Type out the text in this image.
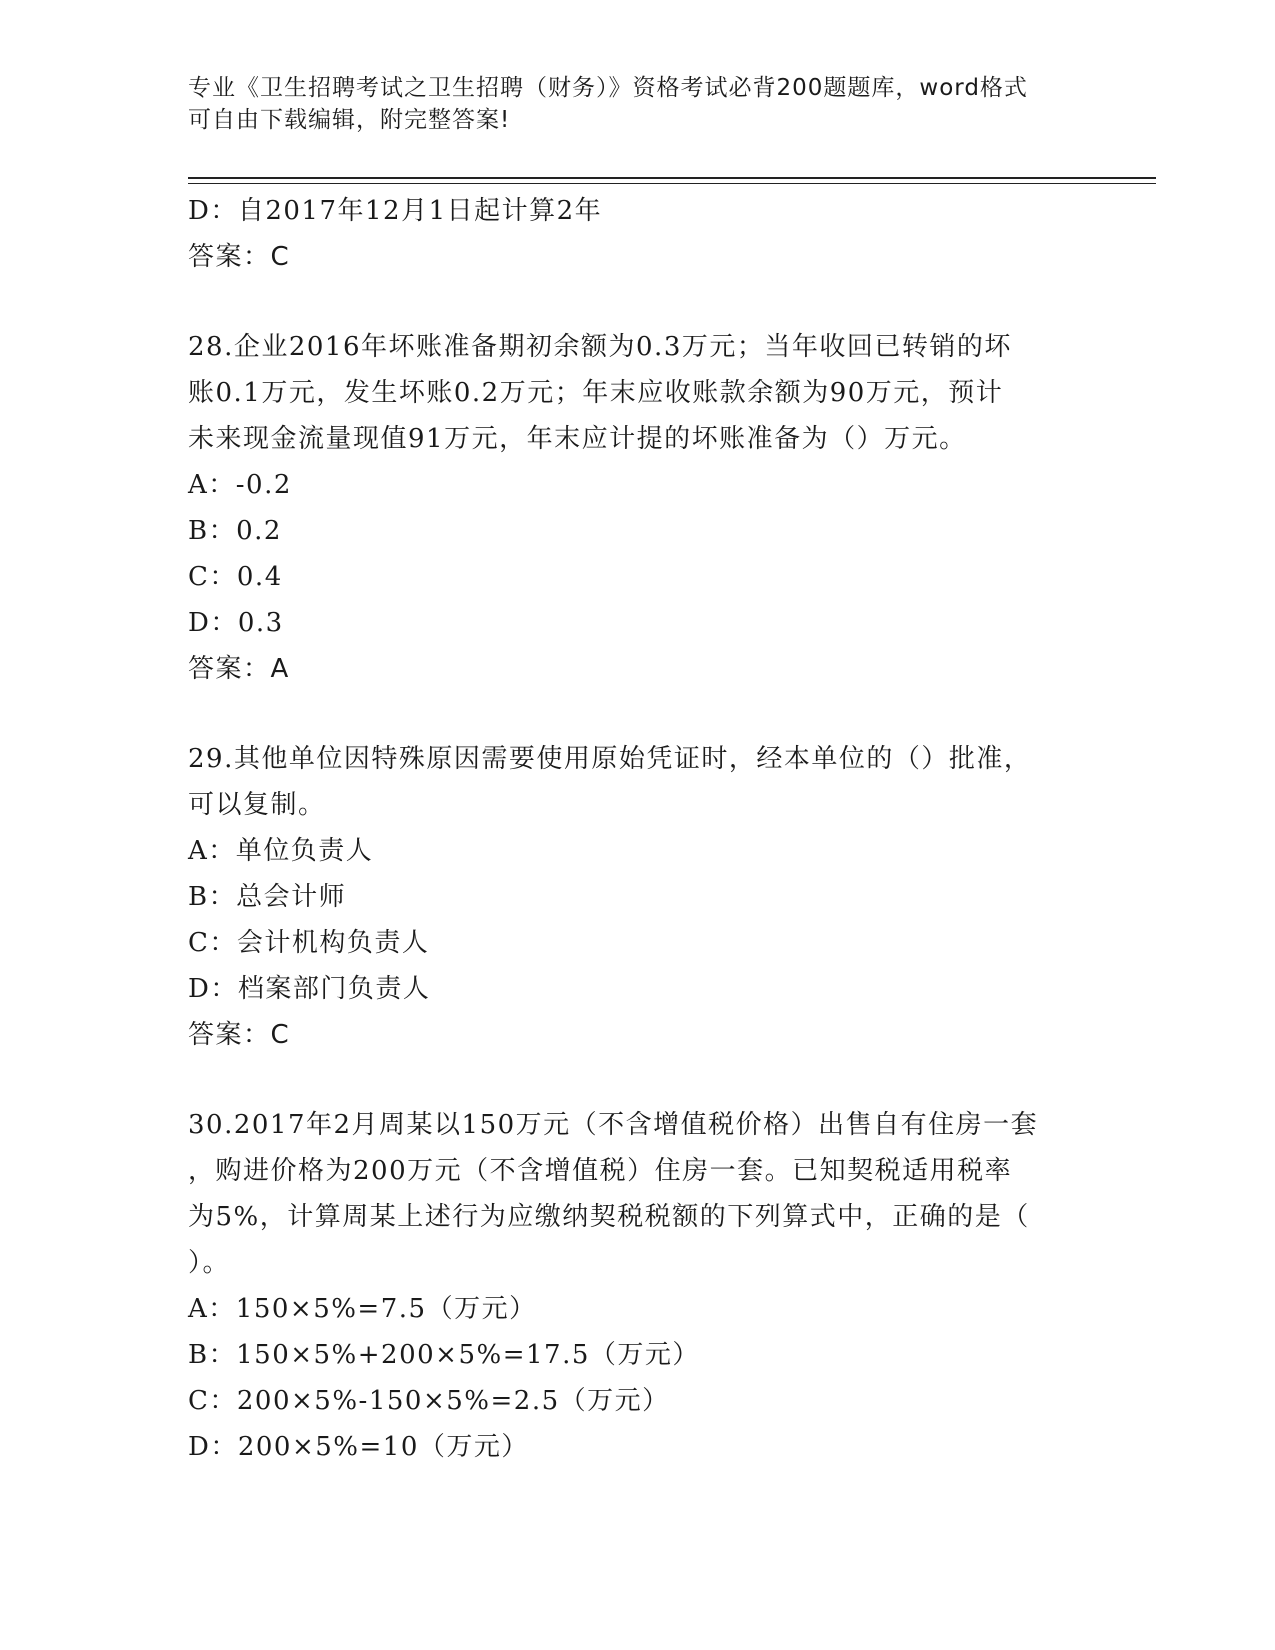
专业《卫生招聘考试之卫生招聘（财务）》资格考试必背200题题库，word格式
可自由下载编辑，附完整答案!
D：自2017年12月1日起计算2年
答案：C
28.企业2016年坏账准备期初余额为0.3万元；当年收回已转销的坏
账0.1万元，发生坏账0.2万元；年末应收账款余额为90万元，预计
未来现金流量现值91万元，年末应计提的坏账准备为（）万元。
A：-0.2
B：0.2
C：0.4
D：0.3
答案：A
29.其他单位因特殊原因需要使用原始凭证时，经本单位的（）批准，
可以复制。
A：单位负责人
B：总会计师
C：会计机构负责人
D：档案部门负责人
答案：C
30.2017年2月周某以150万元（不含增值税价格）出售自有住房一套
，购进价格为200万元（不含增值税）住房一套。已知契税适用税率
为5%，计算周某上述行为应缴纳契税税额的下列算式中，正确的是（
）。
A：150×5%=7.5（万元）
B：150×5%+200×5%=17.5（万元）
C：200×5%-150×5%=2.5（万元）
D：200×5%=10（万元）
